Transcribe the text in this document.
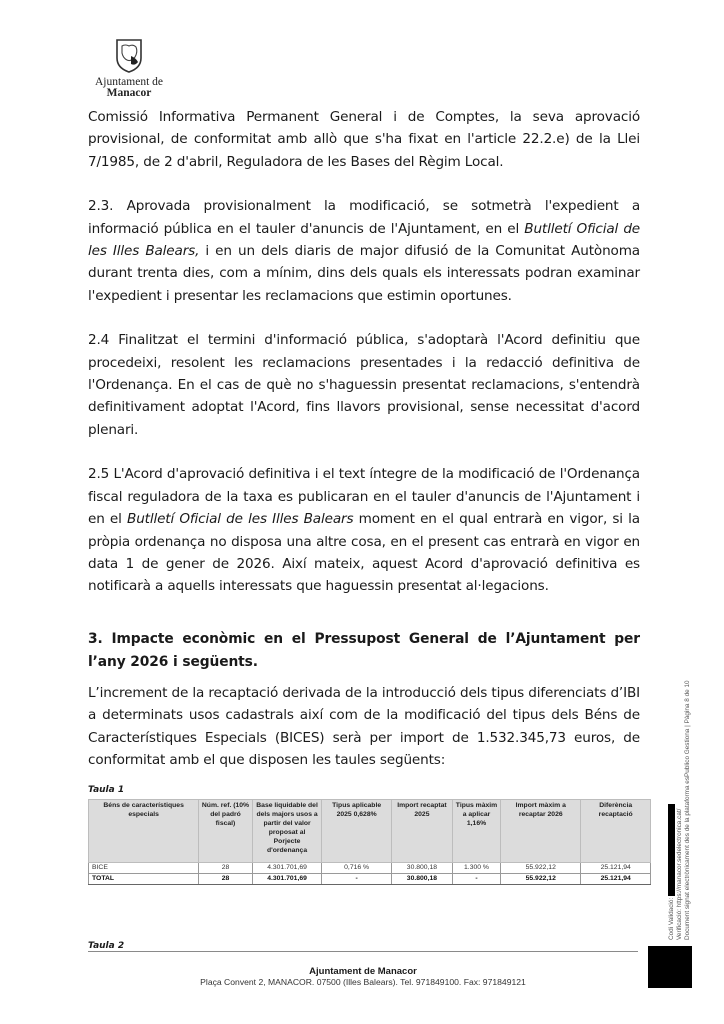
Ajuntament de
Manacor

Comissió Informativa Permanent General i de Comptes, la seva aprovació provisional, de conformitat amb allò que s'ha fixat en l'article 22.2.e) de la Llei 7/1985, de 2 d'abril, Reguladora de les Bases del Règim Local.

2.3. Aprovada provisionalment la modificació, se sotmetrà l'expedient a informació pública en el tauler d'anuncis de l'Ajuntament, en el Butlletí Oficial de les Illes Balears, i en un dels diaris de major difusió de la Comunitat Autònoma durant trenta dies, com a mínim, dins dels quals els interessats podran examinar l'expedient i presentar les reclamacions que estimin oportunes.

2.4 Finalitzat el termini d'informació pública, s'adoptarà l'Acord definitiu que procedeixi, resolent les reclamacions presentades i la redacció definitiva de l'Ordenança. En el cas de què no s'haguessin presentat reclamacions, s'entendrà definitivament adoptat l'Acord, fins llavors provisional, sense necessitat d'acord plenari.

2.5 L'Acord d'aprovació definitiva i el text íntegre de la modificació de l'Ordenança fiscal reguladora de la taxa es publicaran en el tauler d'anuncis de l'Ajuntament i en el Butlletí Oficial de les Illes Balears moment en el qual entrarà en vigor, si la pròpia ordenança no disposa una altre cosa, en el present cas entrarà en vigor en data 1 de gener de 2026. Així mateix, aquest Acord d'aprovació definitiva es notificarà a aquells interessats que haguessin presentat al·legacions.

3. Impacte econòmic en el Pressupost General de l’Ajuntament per l’any 2026 i següents.

L’increment de la recaptació derivada de la introducció dels tipus diferenciats d’IBI a determinats usos cadastrals així com de la modificació del tipus dels Béns de Característiques Especials (BICES) serà per import de 1.532.345,73 euros, de conformitat amb el que disposen les taules següents:

Taula 1
Béns de característiques especials	Núm. ref. (10% del padró fiscal)	Base liquidable del dels majors usos a partir del valor proposat al Porjecte d'ordenança	Tipus aplicable 2025 0,628%	Import recaptat 2025	Tipus màxim a aplicar 1,16%	Import màxim a recaptar 2026	Diferència recaptació
BICE	28	4.301.701,69	0,716 %	30.800,18	1.300 %	55.922,12	25.121,94
TOTAL	28	4.301.701,69	-	30.800,18	-	55.922,12	25.121,94
Taula 2
Ajuntament de Manacor
Plaça Convent 2, MANACOR. 07500 (Illes Balears). Tel. 971849100. Fax: 971849121
Codi Validació: Verificació: https://manacor.sedelectronica.cat/ Document signat electrònicament des de la plataforma esPublico Gestiona | Pàgina 8 de 10
